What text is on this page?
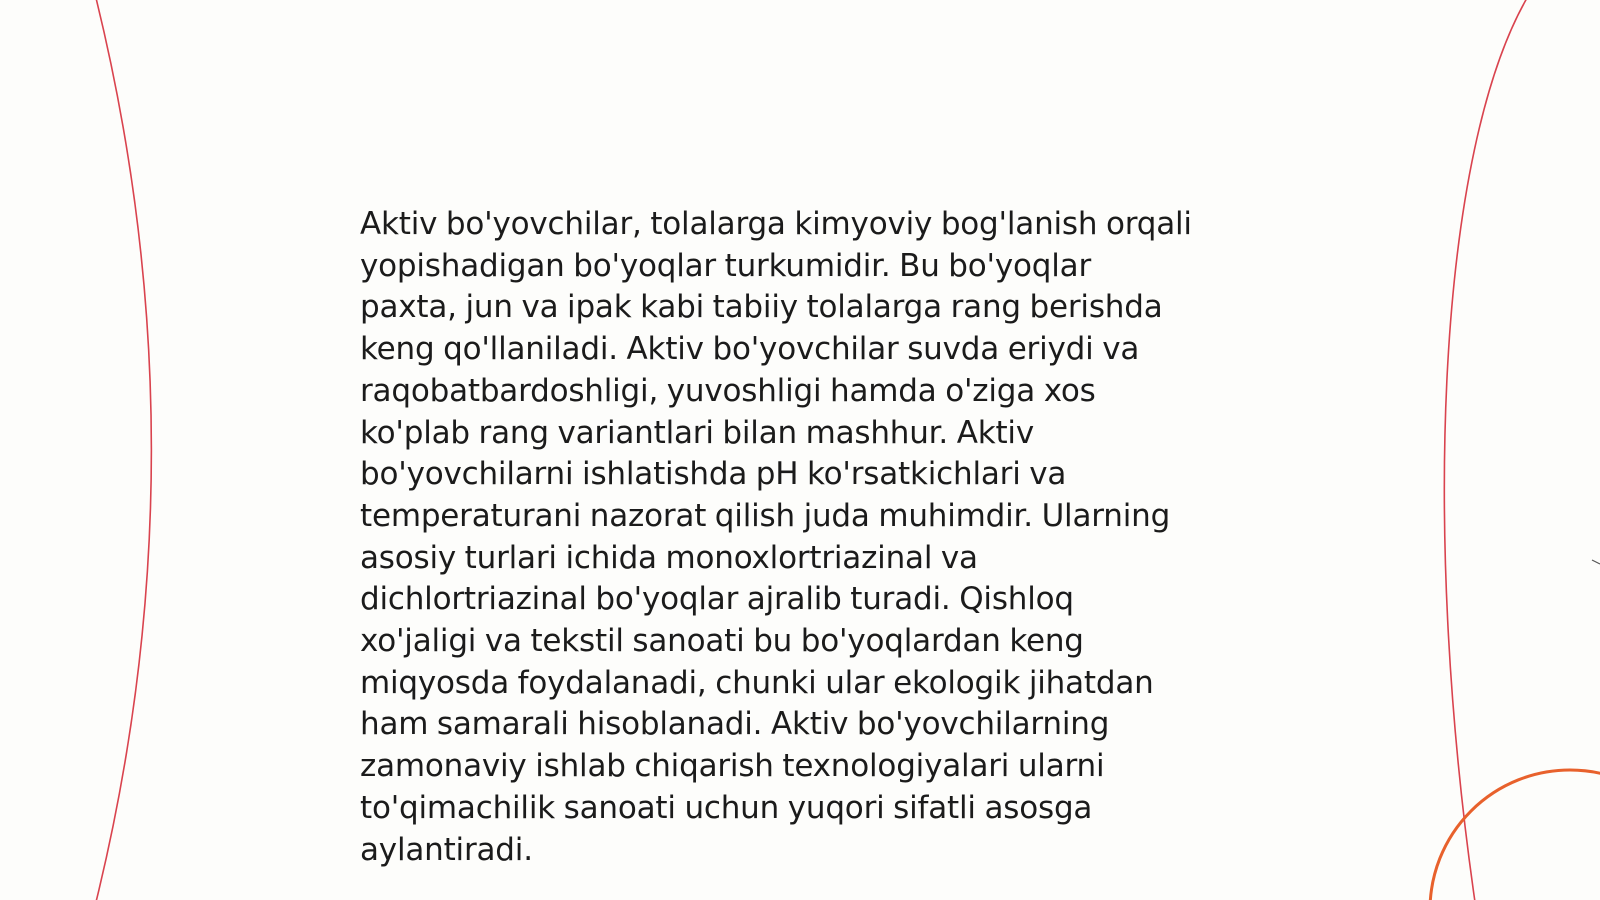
Aktiv bo'yovchilar, tolalarga kimyoviy bog'lanish orqali
yopishadigan bo'yoqlar turkumidir. Bu bo'yoqlar
paxta, jun va ipak kabi tabiiy tolalarga rang berishda
keng qo'llaniladi. Aktiv bo'yovchilar suvda eriydi va
raqobatbardoshligi, yuvoshligi hamda o'ziga xos
ko'plab rang variantlari bilan mashhur. Aktiv
bo'yovchilarni ishlatishda pH ko'rsatkichlari va
temperaturani nazorat qilish juda muhimdir. Ularning
asosiy turlari ichida monoxlortriazinal va
dichlortriazinal bo'yoqlar ajralib turadi. Qishloq
xo'jaligi va tekstil sanoati bu bo'yoqlardan keng
miqyosda foydalanadi, chunki ular ekologik jihatdan
ham samarali hisoblanadi. Aktiv bo'yovchilarning
zamonaviy ishlab chiqarish texnologiyalari ularni
to'qimachilik sanoati uchun yuqori sifatli asosga
aylantiradi.
